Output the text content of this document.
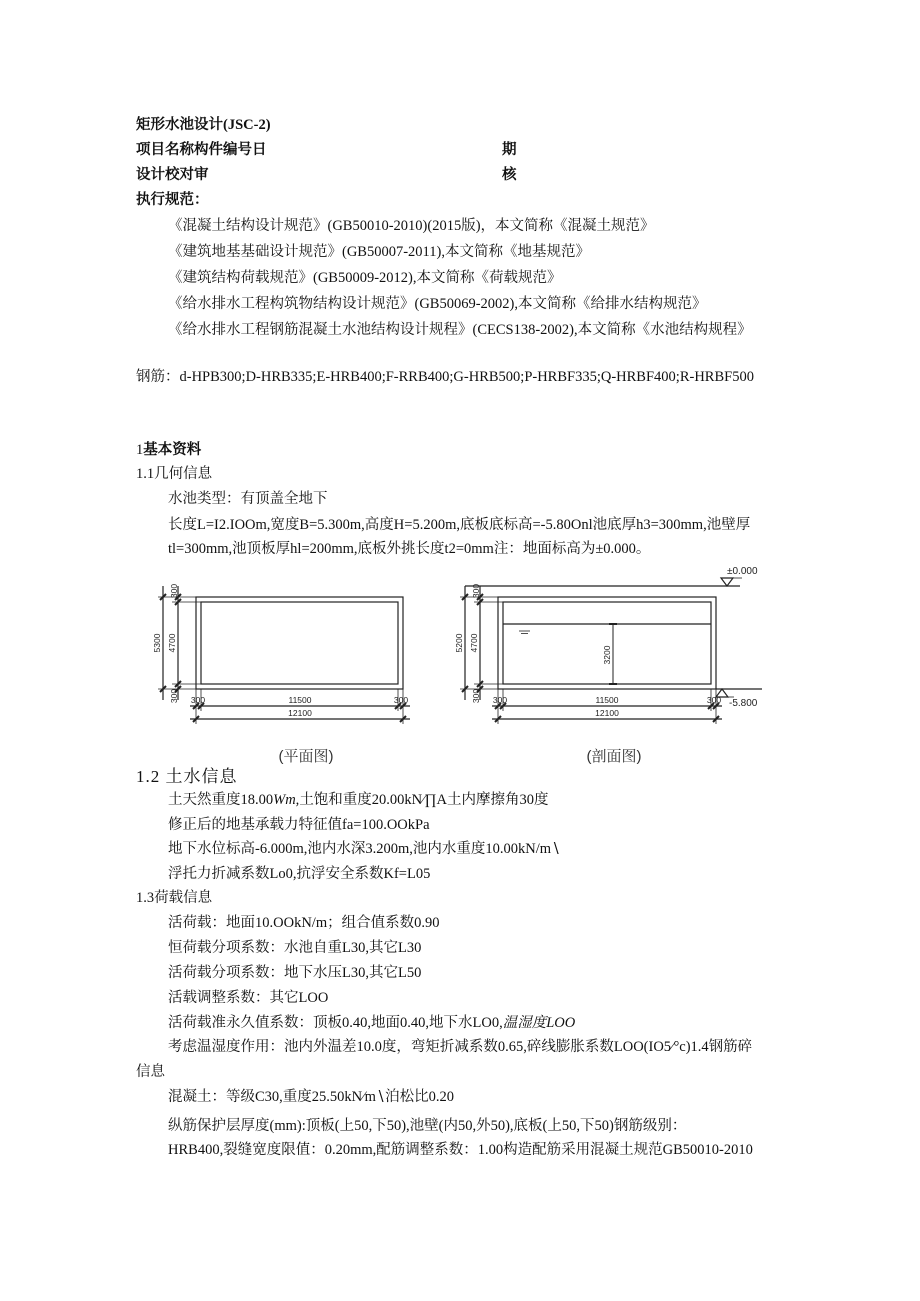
矩形水池设计(JSC-2)
项目名称构件编号日	期
设计校对审	核
执行规范：
《混凝土结构设计规范》(GB50010-2010)(2015版)，本文简称《混凝土规范》
《建筑地基基础设计规范》(GB50007-2011),本文简称《地基规范》
《建筑结构荷载规范》(GB50009-2012),本文简称《荷载规范》
《给水排水工程构筑物结构设计规范》(GB50069-2002),本文简称《给排水结构规范》
《给水排水工程钢筋混凝土水池结构设计规程》(CECS138-2002),本文简称《水池结构规程》
钢筋：d-HPB300;D-HRB335;E-HRB400;F-RRB400;G-HRB500;P-HRBF335;Q-HRBF400;R-HRBF500
1基本资料
1.1几何信息
水池类型：有顶盖全地下
长度L=I2.IOOm,宽度B=5.300m,高度H=5.200m,底板底标高=-5.80Onl池底厚h3=300mm,池壁厚
tl=300mm,池顶板厚hl=200mm,底板外挑长度t2=0mm注：地面标高为±0.000。
300
4700
5300
300 300	11500	300
12100
(平面图)
300
4700
5200
300
3200
300	11500	300
12100
±0.000
-5.800
(剖面图)
1.2 土水信息
土天然重度18.00Wm,土饱和重度20.00kN∕∏A土内摩擦角30度
修正后的地基承载力特征值fa=100.OOkPa
地下水位标高-6.000m,池内水深3.200m,池内水重度10.00kN/m∖
浮托力折减系数Lo0,抗浮安全系数Kf=L05
1.3荷载信息
活荷载：地面10.OOkN/m；组合值系数0.90
恒荷载分项系数：水池自重L30,其它L30
活荷载分项系数：地下水压L30,其它L50
活载调整系数：其它LOO
活荷载准永久值系数：顶板0.40,地面0.40,地下水LO0,温湿度LOO
考虑温湿度作用：池内外温差10.0度，弯矩折减系数0.65,碎线膨胀系数LOO(IO5∕°c)1.4钢筋碎
信息
混凝土：等级C30,重度25.50kN∕m∖泊松比0.20
纵筋保护层厚度(mm):顶板(上50,下50),池壁(内50,外50),底板(上50,下50)钢筋级别：
HRB400,裂缝宽度限值：0.20mm,配筋调整系数：1.00构造配筋采用混凝土规范GB50010-2010
